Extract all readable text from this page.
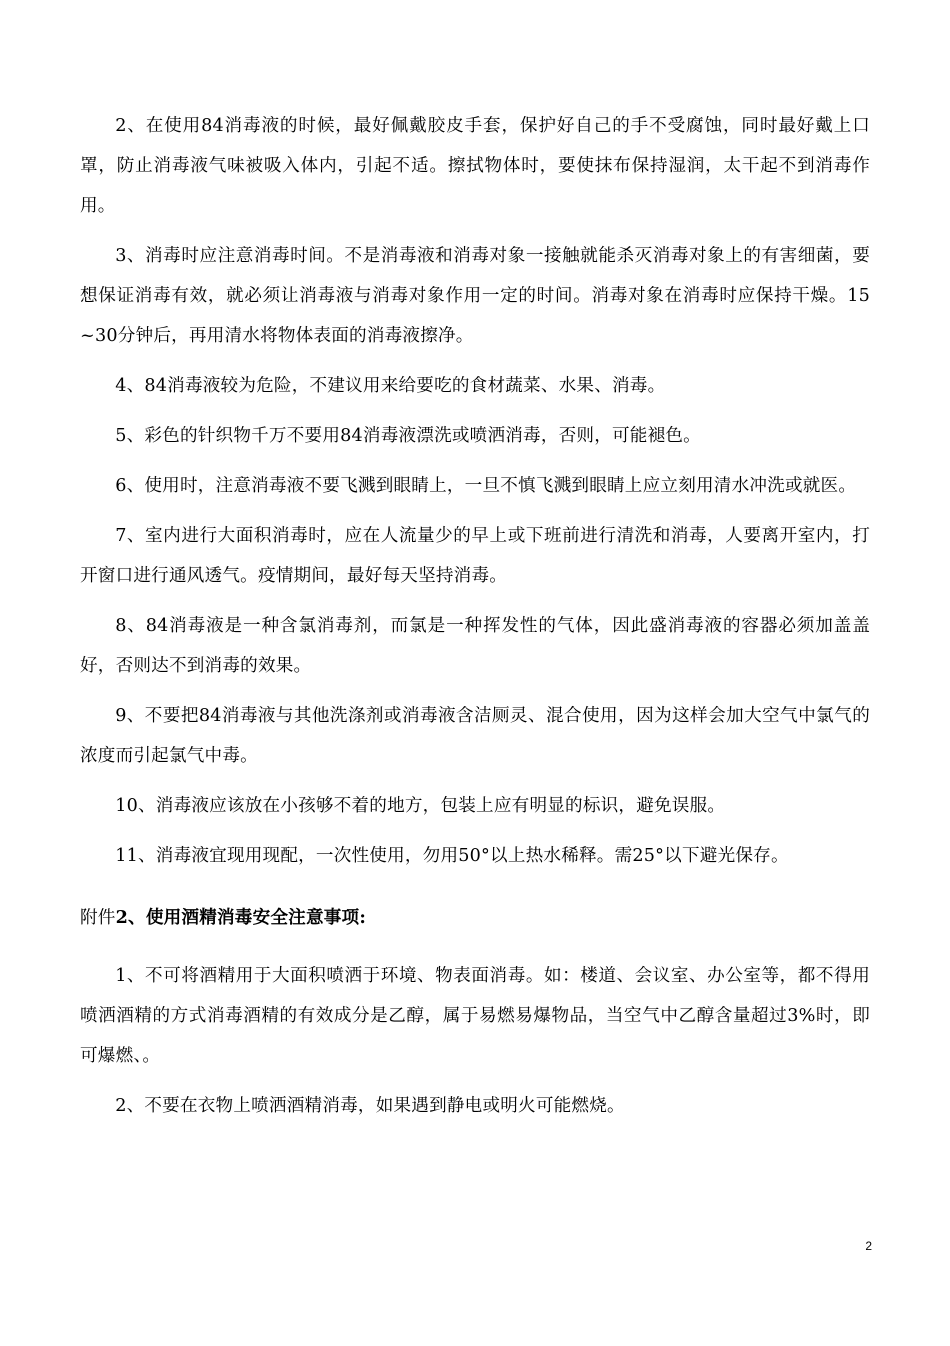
2、在使用84消毒液的时候，最好佩戴胶皮手套，保护好自己的手不受腐蚀，同时最好戴上口罩，防止消毒液气味被吸入体内，引起不适。擦拭物体时，要使抹布保持湿润，太干起不到消毒作用。

3、消毒时应注意消毒时间。不是消毒液和消毒对象一接触就能杀灭消毒对象上的有害细菌，要想保证消毒有效，就必须让消毒液与消毒对象作用一定的时间。消毒对象在消毒时应保持干燥。15 ~30分钟后，再用清水将物体表面的消毒液擦净。

4、84消毒液较为危险，不建议用来给要吃的食材蔬菜、水果、消毒。

5、彩色的针织物千万不要用84消毒液漂洗或喷洒消毒，否则，可能褪色。

6、使用时，注意消毒液不要飞溅到眼睛上，一旦不慎飞溅到眼睛上应立刻用清水冲洗或就医。

7、室内进行大面积消毒时，应在人流量少的早上或下班前进行清洗和消毒，人要离开室内，打开窗口进行通风透气。疫情期间，最好每天坚持消毒。

8、84消毒液是一种含氯消毒剂，而氯是一种挥发性的气体，因此盛消毒液的容器必须加盖盖好，否则达不到消毒的效果。

9、不要把84消毒液与其他洗涤剂或消毒液含洁厕灵、混合使用，因为这样会加大空气中氯气的浓度而引起氯气中毒。

10、消毒液应该放在小孩够不着的地方，包装上应有明显的标识，避免误服。

11、消毒液宜现用现配，一次性使用，勿用50°以上热水稀释。需25°以下避光保存。

附件2、使用酒精消毒安全注意事项:

1、不可将酒精用于大面积喷洒于环境、物表面消毒。如：楼道、会议室、办公室等，都不得用喷洒酒精的方式消毒酒精的有效成分是乙醇，属于易燃易爆物品，当空气中乙醇含量超过3%时，即可爆燃、。

2、不要在衣物上喷洒酒精消毒，如果遇到静电或明火可能燃烧。

2
